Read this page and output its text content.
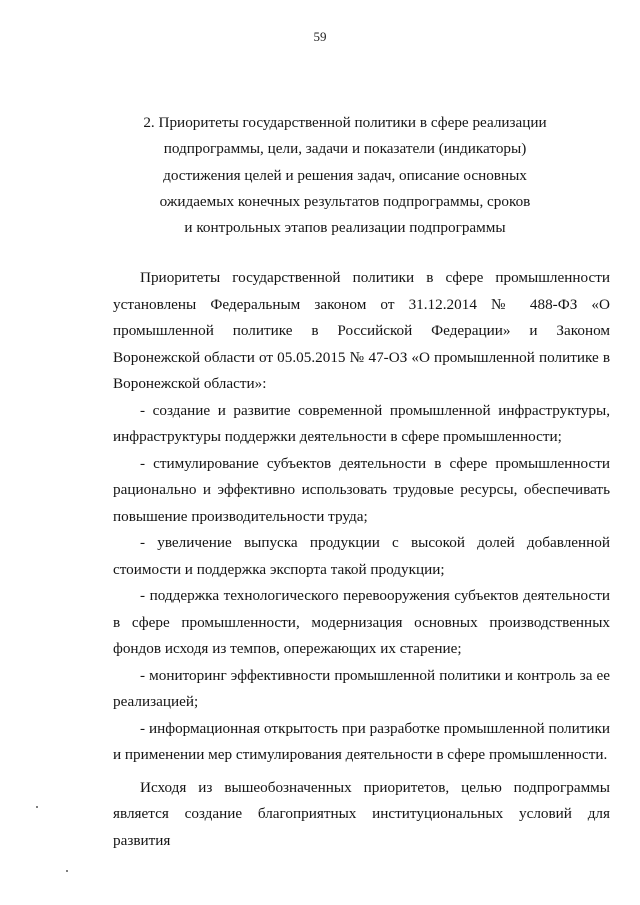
59
2. Приоритеты государственной политики в сфере реализации
подпрограммы, цели, задачи и показатели (индикаторы)
достижения целей и решения задач, описание основных
ожидаемых конечных результатов подпрограммы, сроков
и контрольных этапов реализации подпрограммы

Приоритеты государственной политики в сфере промышленности установлены Федеральным законом от 31.12.2014 № 488-ФЗ «О промышленной политике в Российской Федерации» и Законом Воронежской области от 05.05.2015 № 47-ОЗ «О промышленной политике в Воронежской области»:

- создание и развитие современной промышленной инфраструктуры, инфраструктуры поддержки деятельности в сфере промышленности;

- стимулирование субъектов деятельности в сфере промышленности рационально и эффективно использовать трудовые ресурсы, обеспечивать повышение производительности труда;

- увеличение выпуска продукции с высокой долей добавленной стоимости и поддержка экспорта такой продукции;

- поддержка технологического перевооружения субъектов деятельности в сфере промышленности, модернизация основных производственных фондов исходя из темпов, опережающих их старение;

- мониторинг эффективности промышленной политики и контроль за ее реализацией;

- информационная открытость при разработке промышленной политики и применении мер стимулирования деятельности в сфере промышленности.

Исходя из вышеобозначенных приоритетов, целью подпрограммы является создание благоприятных институциональных условий для развития
